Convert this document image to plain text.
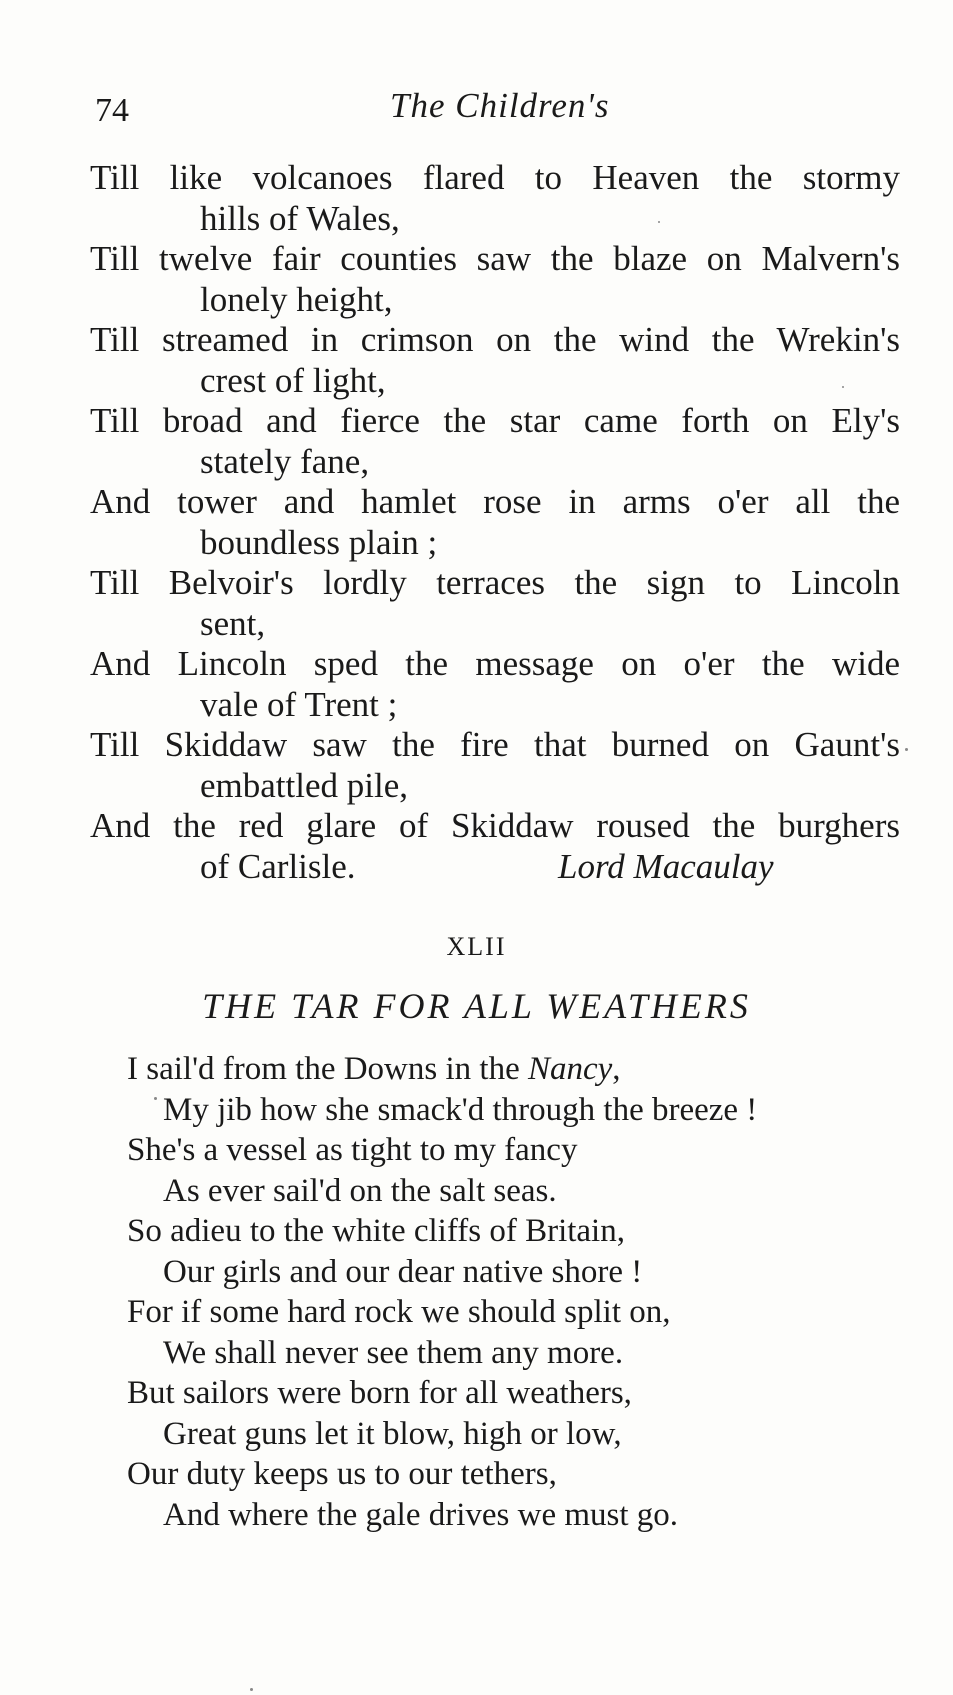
74	The Children's
Till like volcanoes flared to Heaven the stormy
hills of Wales,
Till twelve fair counties saw the blaze on Malvern's
lonely height,
Till streamed in crimson on the wind the Wrekin's
crest of light,
Till broad and fierce the star came forth on Ely's
stately fane,
And tower and hamlet rose in arms o'er all the
boundless plain ;
Till Belvoir's lordly terraces the sign to Lincoln
sent,
And Lincoln sped the message on o'er the wide
vale of Trent ;
Till Skiddaw saw the fire that burned on Gaunt's
embattled pile,
And the red glare of Skiddaw roused the burghers
of Carlisle.	Lord Macaulay
XLII
THE TAR FOR ALL WEATHERS
I sail'd from the Downs in the Nancy,
My jib how she smack'd through the breeze !
She's a vessel as tight to my fancy
As ever sail'd on the salt seas.
So adieu to the white cliffs of Britain,
Our girls and our dear native shore !
For if some hard rock we should split on,
We shall never see them any more.
But sailors were born for all weathers,
Great guns let it blow, high or low,
Our duty keeps us to our tethers,
And where the gale drives we must go.
